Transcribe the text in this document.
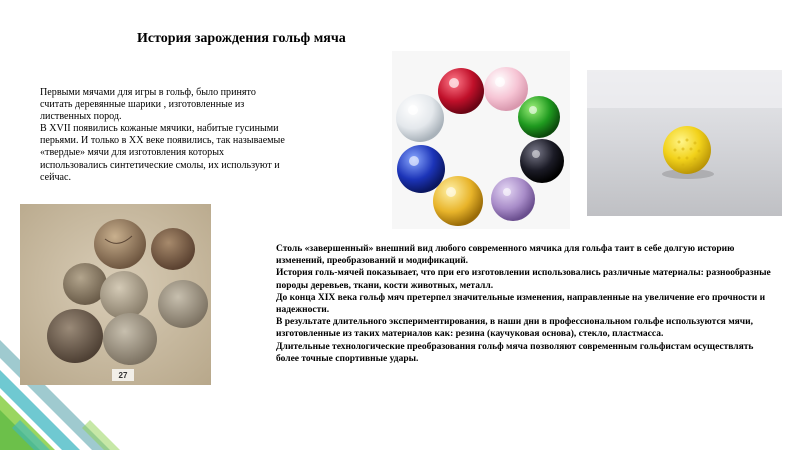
История зарождения гольф мяча

Первыми мячами для игры в гольф, было принято считать деревянные шарики , изготовленные из лиственных пород.

В XVII появились кожаные мячики, набитые гусиными перьями. И только в XX веке появились, так называемые «твердые» мячи для изготовления которых использовались синтетические смолы, их используют и сейчас.

27

Столь «завершенный» внешний вид любого современного мячика для гольфа таит в себе долгую историю изменений, преобразований и модификаций.

История голь-мячей показывает, что при его изготовлении использовались различные материалы: разнообразные породы деревьев, ткани, кости животных, металл.

До конца XIX века гольф мяч претерпел значительные изменения, направленные на увеличение его прочности и надежности.

В результате длительного экспериментирования, в наши дни в профессиональном гольфе используются мячи, изготовленные из таких материалов как: резина (каучуковая основа), стекло, пластмасса.

Длительные технологические преобразования гольф мяча позволяют современным гольфистам осуществлять более точные спортивные удары.
